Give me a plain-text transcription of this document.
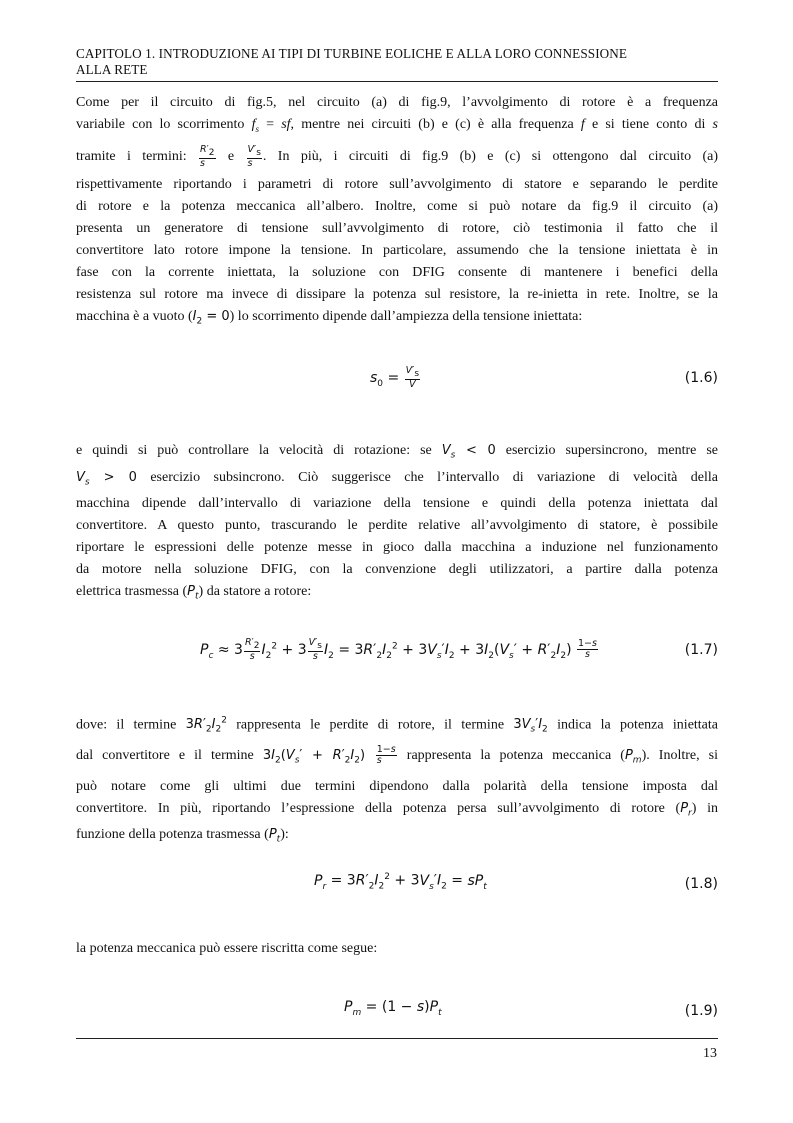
CAPITOLO 1. INTRODUZIONE AI TIPI DI TURBINE EOLICHE E ALLA LORO CONNESSIONE
ALLA RETE
Come per il circuito di fig.5, nel circuito (a) di fig.9, l’avvolgimento di rotore è a frequenza
variabile con lo scorrimento $f_s$ = sf, mentre nei circuiti (b) e (c) è alla frequenza f e si tiene conto di s
tramite i termini: $\frac{R'_2}{s}$ e $\frac{V'_s}{s}$ . In più, i circuiti di fig.9 (b) e (c) si ottengono dal circuito (a)
rispettivamente riportando i parametri di rotore sull’avvolgimento di statore e separando le perdite
di rotore e la potenza meccanica all’albero. Inoltre, come si può notare da fig.9 il circuito (a)
presenta un generatore di tensione sull’avvolgimento di rotore, ciò testimonia il fatto che il
convertitore lato rotore impone la tensione. In particolare, assumendo che la tensione iniettata è in
fase con la corrente iniettata, la soluzione con DFIG consente di mantenere i benefici della
resistenza sul rotore ma invece di dissipare la potenza sul resistore, la re-inietta in rete. Inoltre, se la
macchina è a vuoto $(I_2 = 0)$ lo scorrimento dipende dall’ampiezza della tensione iniettata:
$s_0 = \frac{V'_s}{V}$	(1.6)
e quindi si può controllare la velocità di rotazione: se $V_s < 0$ esercizio supersincrono, mentre se
$V_s > 0$ esercizio subsincrono. Ciò suggerisce che l’intervallo di variazione di velocità della
macchina dipende dall’intervallo di variazione della tensione e quindi della potenza iniettata dal
convertitore. A questo punto, trascurando le perdite relative all’avvolgimento di statore, è possibile
riportare le espressioni delle potenze messe in gioco dalla macchina a induzione nel funzionamento
da motore nella soluzione DFIG, con la convenzione degli utilizzatori, a partire dalla potenza
elettrica trasmessa $(P_t)$ da statore a rotore:
$P_c \approx 3 \frac{R'_2}{s} I_2^2 + 3 \frac{V'_s}{s} I_2 = 3R'_2I_2^2 + 3V_s'I_2 + 3I_2(V_s' + R'_2I_2) \frac{1-s}{s}$	(1.7)
dove: il termine $3R'_2I_2^2$ rappresenta le perdite di rotore, il termine $3V_s'I_2$ indica la potenza iniettata
dal convertitore e il termine $3I_2(V_s' + R'_2I_2) \frac{1-s}{s}$ rappresenta la potenza meccanica $(P_m)$. Inoltre, si
può notare come gli ultimi due termini dipendono dalla polarità della tensione imposta dal
convertitore. In più, riportando l’espressione della potenza persa sull’avvolgimento di rotore $(P_r)$ in
funzione della potenza trasmessa $(P_t)$:
$P_r = 3R'_2I_2^2 + 3V_s'I_2 = sP_t$	(1.8)
la potenza meccanica può essere riscritta come segue:
$P_m = (1 - s)P_t$	(1.9)
13
